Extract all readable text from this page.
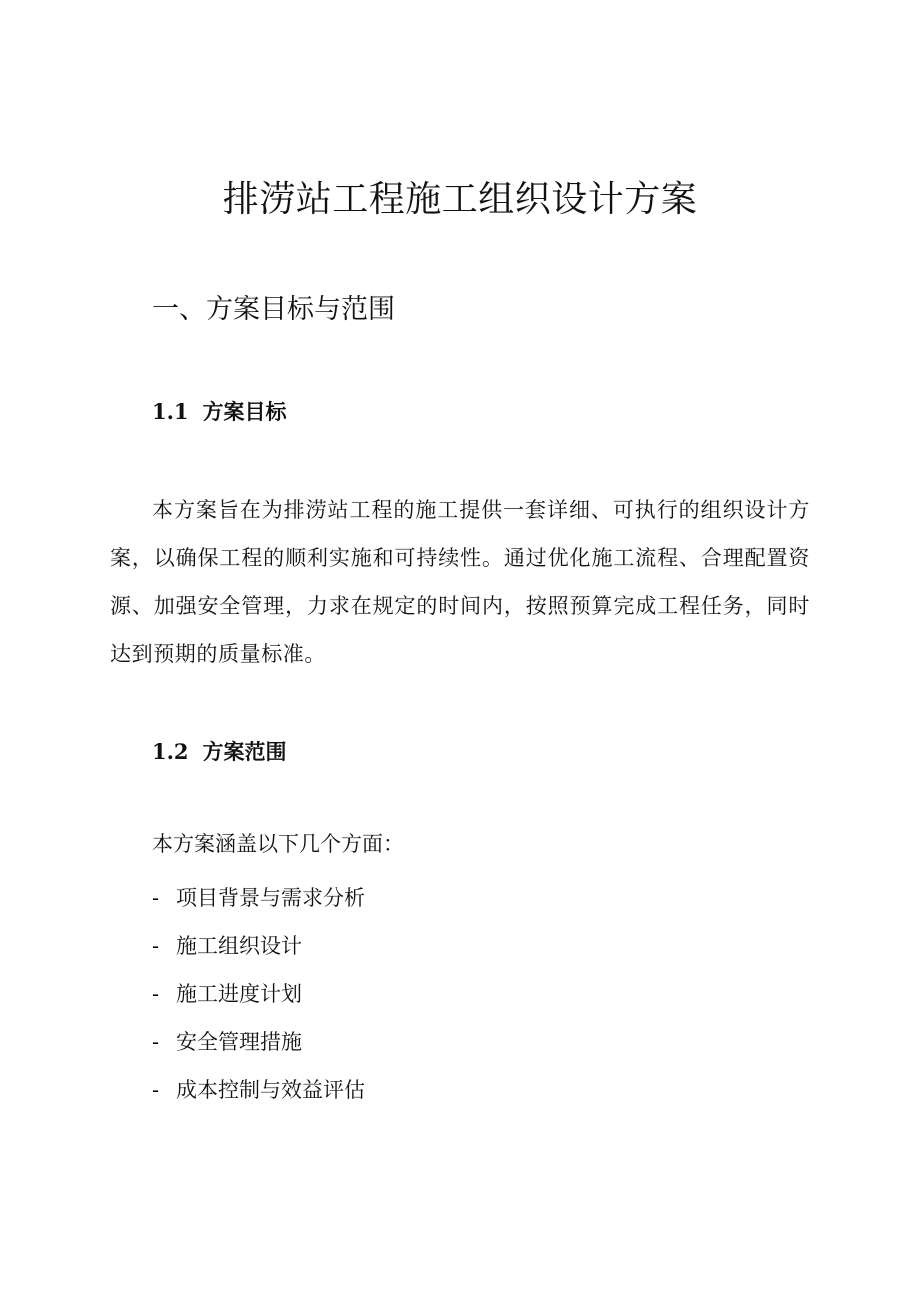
排涝站工程施工组织设计方案
一、方案目标与范围
1.1 方案目标

本方案旨在为排涝站工程的施工提供一套详细、可执行的组织设计方案，以确保工程的顺利实施和可持续性。通过优化施工流程、合理配置资源、加强安全管理，力求在规定的时间内，按照预算完成工程任务，同时达到预期的质量标准。

1.2 方案范围

本方案涵盖以下几个方面：

- 项目背景与需求分析
- 施工组织设计
- 施工进度计划
- 安全管理措施
- 成本控制与效益评估
